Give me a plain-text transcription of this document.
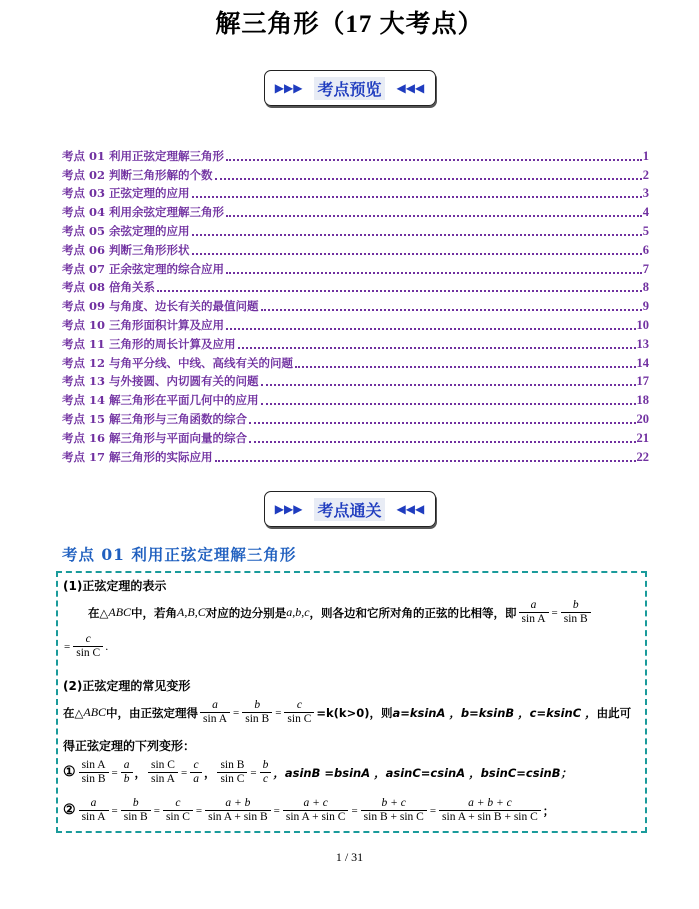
解三角形（17 大考点）
▶▶▶ 考点预览 ◀◀◀
考点 01 利用正弦定理解三角形	1
考点 02 判断三角形解的个数	2
考点 03 正弦定理的应用	3
考点 04 利用余弦定理解三角形	4
考点 05 余弦定理的应用	5
考点 06 判断三角形形状	6
考点 07 正余弦定理的综合应用	7
考点 08 倍角关系	8
考点 09 与角度、边长有关的最值问题	9
考点 10 三角形面积计算及应用	10
考点 11 三角形的周长计算及应用	13
考点 12 与角平分线、中线、高线有关的问题	14
考点 13 与外接圆、内切圆有关的问题	17
考点 14 解三角形在平面几何中的应用	18
考点 15 解三角形与三角函数的综合	20
考点 16 解三角形与平面向量的综合	21
考点 17 解三角形的实际应用	22
▶▶▶ 考点通关 ◀◀◀
考点 01 利用正弦定理解三角形
(1)正弦定理的表示
在△ ABC 中，若角 A,B,C 对应的边分别是 a,b,c ，则各边和它所对角的正弦的比相等，即 $\frac{a}{\text{sin A}} = \frac{b}{\text{sin B}}$
= $\frac{c}{\text{sin C}}$ .
(2)正弦定理的常见变形
在△ ABC 中，由正弦定理得 $\frac{a}{\text{sin A}} = \frac{b}{\text{sin B}} = \frac{c}{\text{sin C}} =k(k>0)$，则 a=ksinA ，b=ksinB ，c=ksinC ， 由此可
得正弦定理的下列变形：
① $\frac{\text{sin A}}{\text{sin B}} = \frac{a}{b}$ ， $\frac{\text{sin C}}{\text{sin A}} = \frac{c}{a}$ ， $\frac{\text{sin B}}{\text{sin C}} = \frac{b}{c}$ ，asinB =bsinA ，asinC=csinA ，bsinC=csinB；
② $\frac{a}{\text{sin A}} = \frac{b}{\text{sin B}} = \frac{c}{\text{sin C}} = \frac{a + b}{\text{sin A + sin B}} = \frac{a + c}{\text{sin A + sin C}} = \frac{b + c}{\text{sin B + sin C}} = \frac{a + b + c}{\text{sin A + sin B + sin C}}$ ；
1 / 31
